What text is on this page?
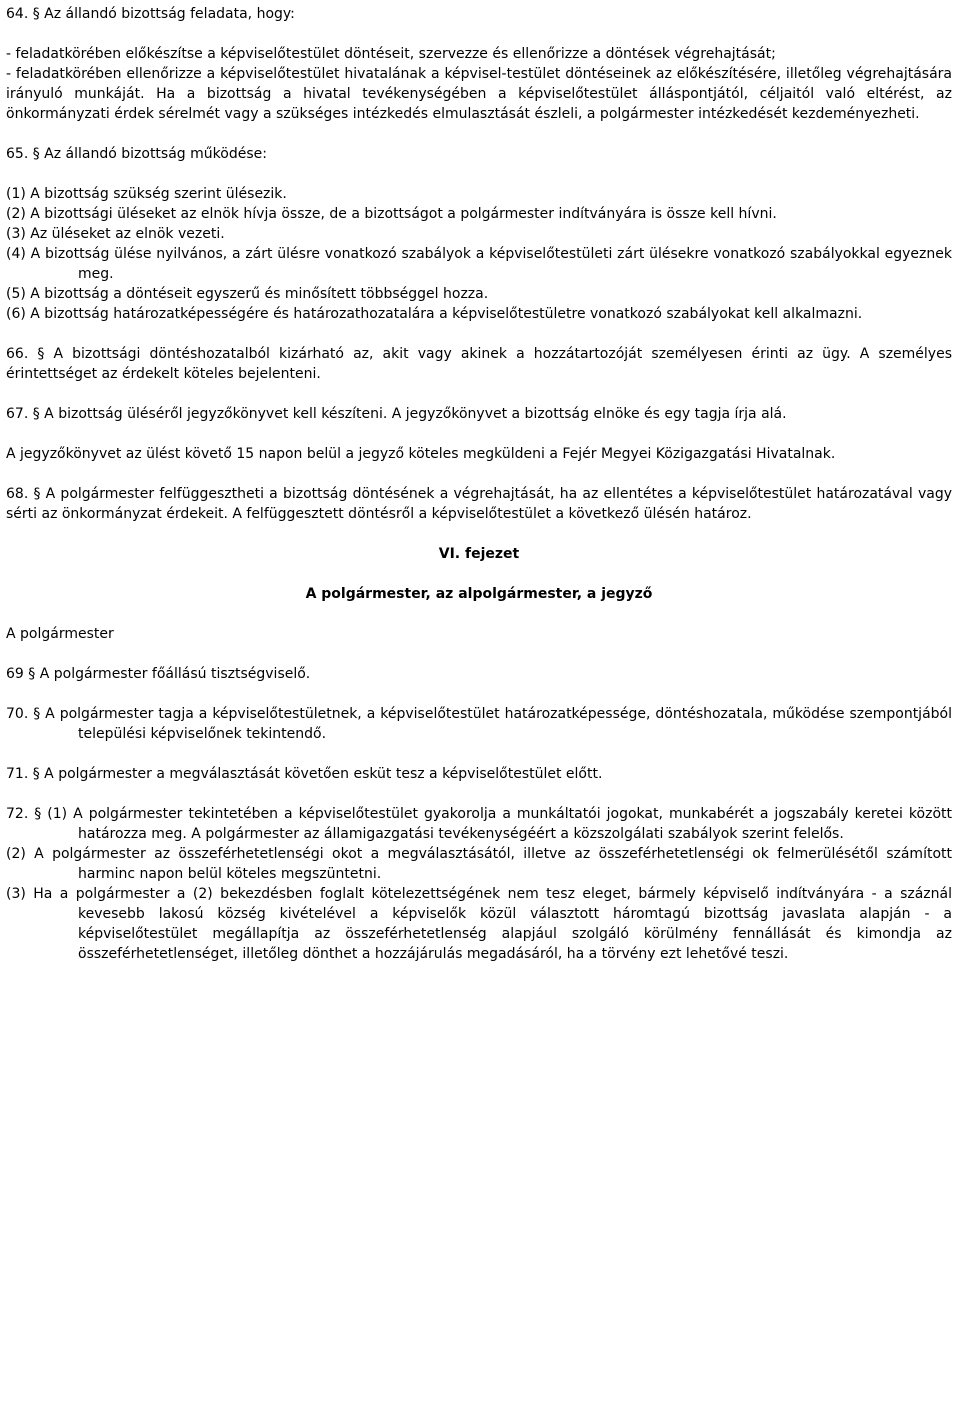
64. § Az állandó bizottság feladata, hogy:

- feladatkörében előkészítse a képviselőtestület döntéseit, szervezze és ellenőrizze a döntések végrehajtását;

- feladatkörében ellenőrizze a képviselőtestület hivatalának a képvisel-testület döntéseinek az előkészítésére, illetőleg végrehajtására irányuló munkáját. Ha a bizottság a hivatal tevékenységében a képviselőtestület álláspontjától, céljaitól való eltérést, az önkormányzati érdek sérelmét vagy a szükséges intézkedés elmulasztását észleli, a polgármester intézkedését kezdeményezheti.

65. § Az állandó bizottság működése:

(1) A bizottság szükség szerint ülésezik.

(2) A bizottsági üléseket az elnök hívja össze, de a bizottságot a polgármester indítványára is össze kell hívni.

(3) Az üléseket az elnök vezeti.

(4) A bizottság ülése nyilvános, a zárt ülésre vonatkozó szabályok a képviselőtestületi zárt ülésekre vonatkozó szabályokkal egyeznek meg.

(5) A bizottság a döntéseit egyszerű és minősített többséggel hozza.

(6) A bizottság határozatképességére és határozathozatalára a képviselőtestületre vonatkozó szabályokat kell alkalmazni.

66. § A bizottsági döntéshozatalból kizárható az, akit vagy akinek a hozzátartozóját személyesen érinti az ügy. A személyes érintettséget az érdekelt köteles bejelenteni.

67. § A bizottság üléséről jegyzőkönyvet kell készíteni. A jegyzőkönyvet a bizottság elnöke és egy tagja írja alá.

A jegyzőkönyvet az ülést követő 15 napon belül a jegyző köteles megküldeni a Fejér Megyei Közigazgatási Hivatalnak.

68. § A polgármester felfüggesztheti a bizottság döntésének a végrehajtását, ha az ellentétes a képviselőtestület határozatával vagy sérti az önkormányzat érdekeit. A felfüggesztett döntésről a képviselőtestület a következő ülésén határoz.

VI. fejezet

A polgármester, az alpolgármester, a jegyző

A polgármester

69 § A polgármester főállású tisztségviselő.

70. § A polgármester tagja a képviselőtestületnek, a képviselőtestület határozatképessége, döntéshozatala, működése szempontjából települési képviselőnek tekintendő.

71. § A polgármester a megválasztását követően esküt tesz a képviselőtestület előtt.

72. § (1) A polgármester tekintetében a képviselőtestület gyakorolja a munkáltatói jogokat, munkabérét a jogszabály keretei között határozza meg. A polgármester az államigazgatási tevékenységéért a közszolgálati szabályok szerint felelős.

(2) A polgármester az összeférhetetlenségi okot a megválasztásától, illetve az összeférhetetlenségi ok felmerülésétől számított harminc napon belül köteles megszüntetni.

(3) Ha a polgármester a (2) bekezdésben foglalt kötelezettségének nem tesz eleget, bármely képviselő indítványára - a száznál kevesebb lakosú község kivételével a képviselők közül választott háromtagú bizottság javaslata alapján - a képviselőtestület megállapítja az összeférhetetlenség alapjául szolgáló körülmény fennállását és kimondja az összeférhetetlenséget, illetőleg dönthet a hozzájárulás megadásáról, ha a törvény ezt lehetővé teszi.
